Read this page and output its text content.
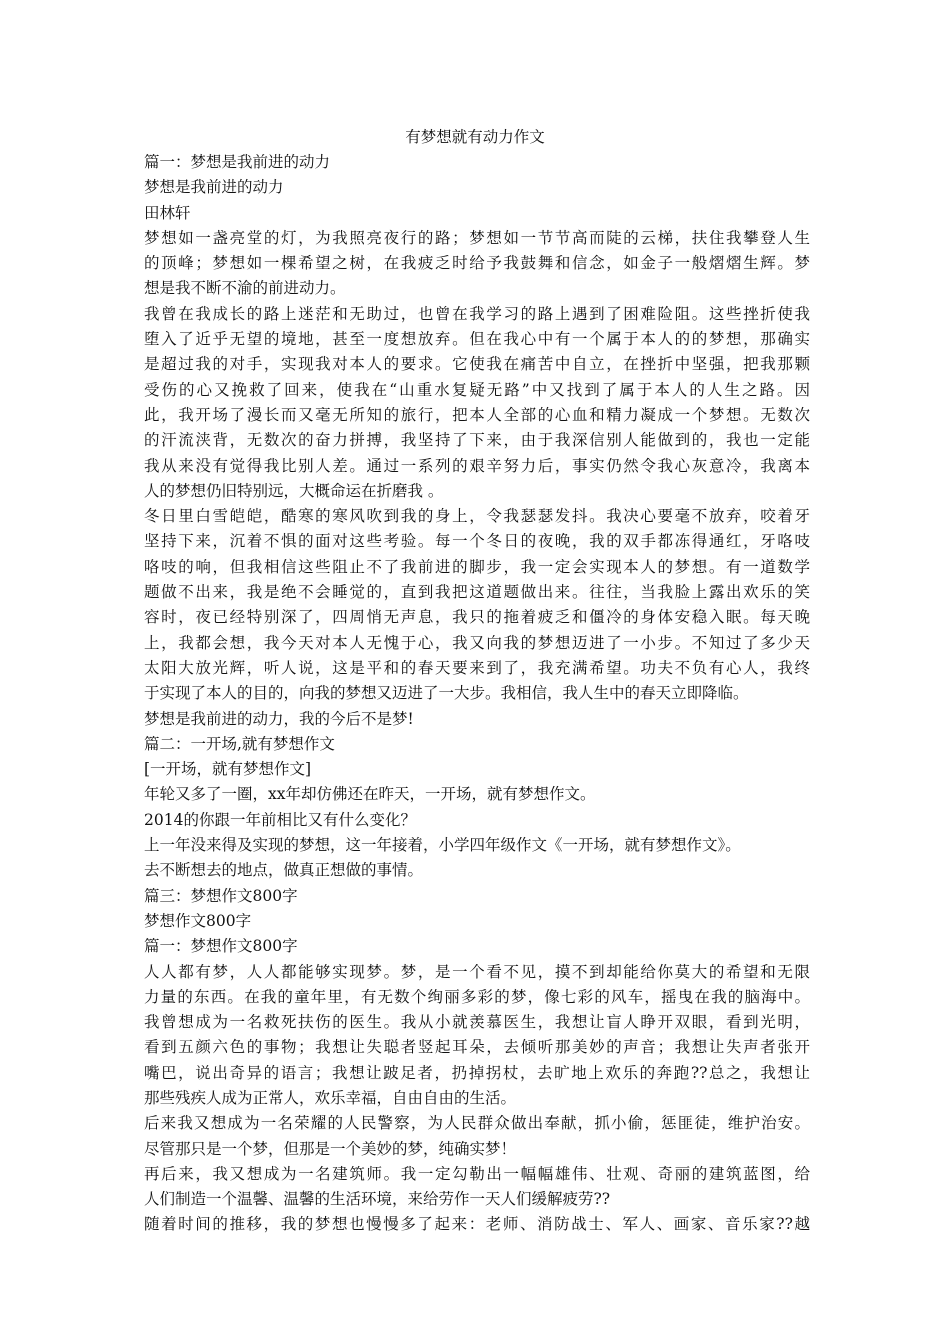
有梦想就有动力作文
篇一：梦想是我前进的动力
梦想是我前进的动力
田林轩
梦想如一盏亮堂的灯，为我照亮夜行的路；梦想如一节节高而陡的云梯，扶住我攀登人生
的顶峰；梦想如一棵希望之树，在我疲乏时给予我鼓舞和信念，如金子一般熠熠生辉。梦
想是我不断不渝的前进动力。
我曾在我成长的路上迷茫和无助过，也曾在我学习的路上遇到了困难险阻。这些挫折使我
堕入了近乎无望的境地，甚至一度想放弃。但在我心中有一个属于本人的的梦想，那确实
是超过我的对手，实现我对本人的要求。它使我在痛苦中自立，在挫折中坚强，把我那颗
受伤的心又挽救了回来，使我在“山重水复疑无路”中又找到了属于本人的人生之路。因
此，我开场了漫长而又毫无所知的旅行，把本人全部的心血和精力凝成一个梦想。无数次
的汗流浃背，无数次的奋力拼搏，我坚持了下来，由于我深信别人能做到的，我也一定能
我从来没有觉得我比别人差。通过一系列的艰辛努力后，事实仍然令我心灰意冷，我离本
人的梦想仍旧特别远，大概命运在折磨我 。
冬日里白雪皑皑，酷寒的寒风吹到我的身上，令我瑟瑟发抖。我决心要毫不放弃，咬着牙
坚持下来，沉着不惧的面对这些考验。每一个冬日的夜晚，我的双手都冻得通红，牙咯吱
咯吱的响，但我相信这些阻止不了我前进的脚步，我一定会实现本人的梦想。有一道数学
题做不出来，我是绝不会睡觉的，直到我把这道题做出来。往往，当我脸上露出欢乐的笑
容时，夜已经特别深了，四周悄无声息，我只的拖着疲乏和僵冷的身体安稳入眠。每天晚
上，我都会想，我今天对本人无愧于心，我又向我的梦想迈进了一小步。不知过了多少天
太阳大放光辉，听人说，这是平和的春天要来到了，我充满希望。功夫不负有心人，我终
于实现了本人的目的，向我的梦想又迈进了一大步。我相信，我人生中的春天立即降临。
梦想是我前进的动力，我的今后不是梦!
篇二：一开场,就有梦想作文
[一开场，就有梦想作文]
年轮又多了一圈，xx年却仿佛还在昨天，一开场，就有梦想作文。
2014的你跟一年前相比又有什么变化？
上一年没来得及实现的梦想，这一年接着，小学四年级作文《一开场，就有梦想作文》。
去不断想去的地点，做真正想做的事情。
篇三：梦想作文800字
梦想作文800字
篇一：梦想作文800字
人人都有梦，人人都能够实现梦。梦，是一个看不见，摸不到却能给你莫大的希望和无限
力量的东西。在我的童年里，有无数个绚丽多彩的梦，像七彩的风车，摇曳在我的脑海中。
我曾想成为一名救死扶伤的医生。我从小就羡慕医生，我想让盲人睁开双眼，看到光明，
看到五颜六色的事物；我想让失聪者竖起耳朵，去倾听那美妙的声音；我想让失声者张开
嘴巴，说出奇异的语言；我想让跛足者，扔掉拐杖，去旷地上欢乐的奔跑??总之，我想让
那些残疾人成为正常人，欢乐幸福，自由自由的生活。
后来我又想成为一名荣耀的人民警察，为人民群众做出奉献，抓小偷，惩匪徒，维护治安。
尽管那只是一个梦，但那是一个美妙的梦，纯确实梦！
再后来，我又想成为一名建筑师。我一定勾勒出一幅幅雄伟、壮观、奇丽的建筑蓝图，给
人们制造一个温馨、温馨的生活环境，来给劳作一天人们缓解疲劳??
随着时间的推移，我的梦想也慢慢多了起来：老师、消防战士、军人、画家、音乐家??越
